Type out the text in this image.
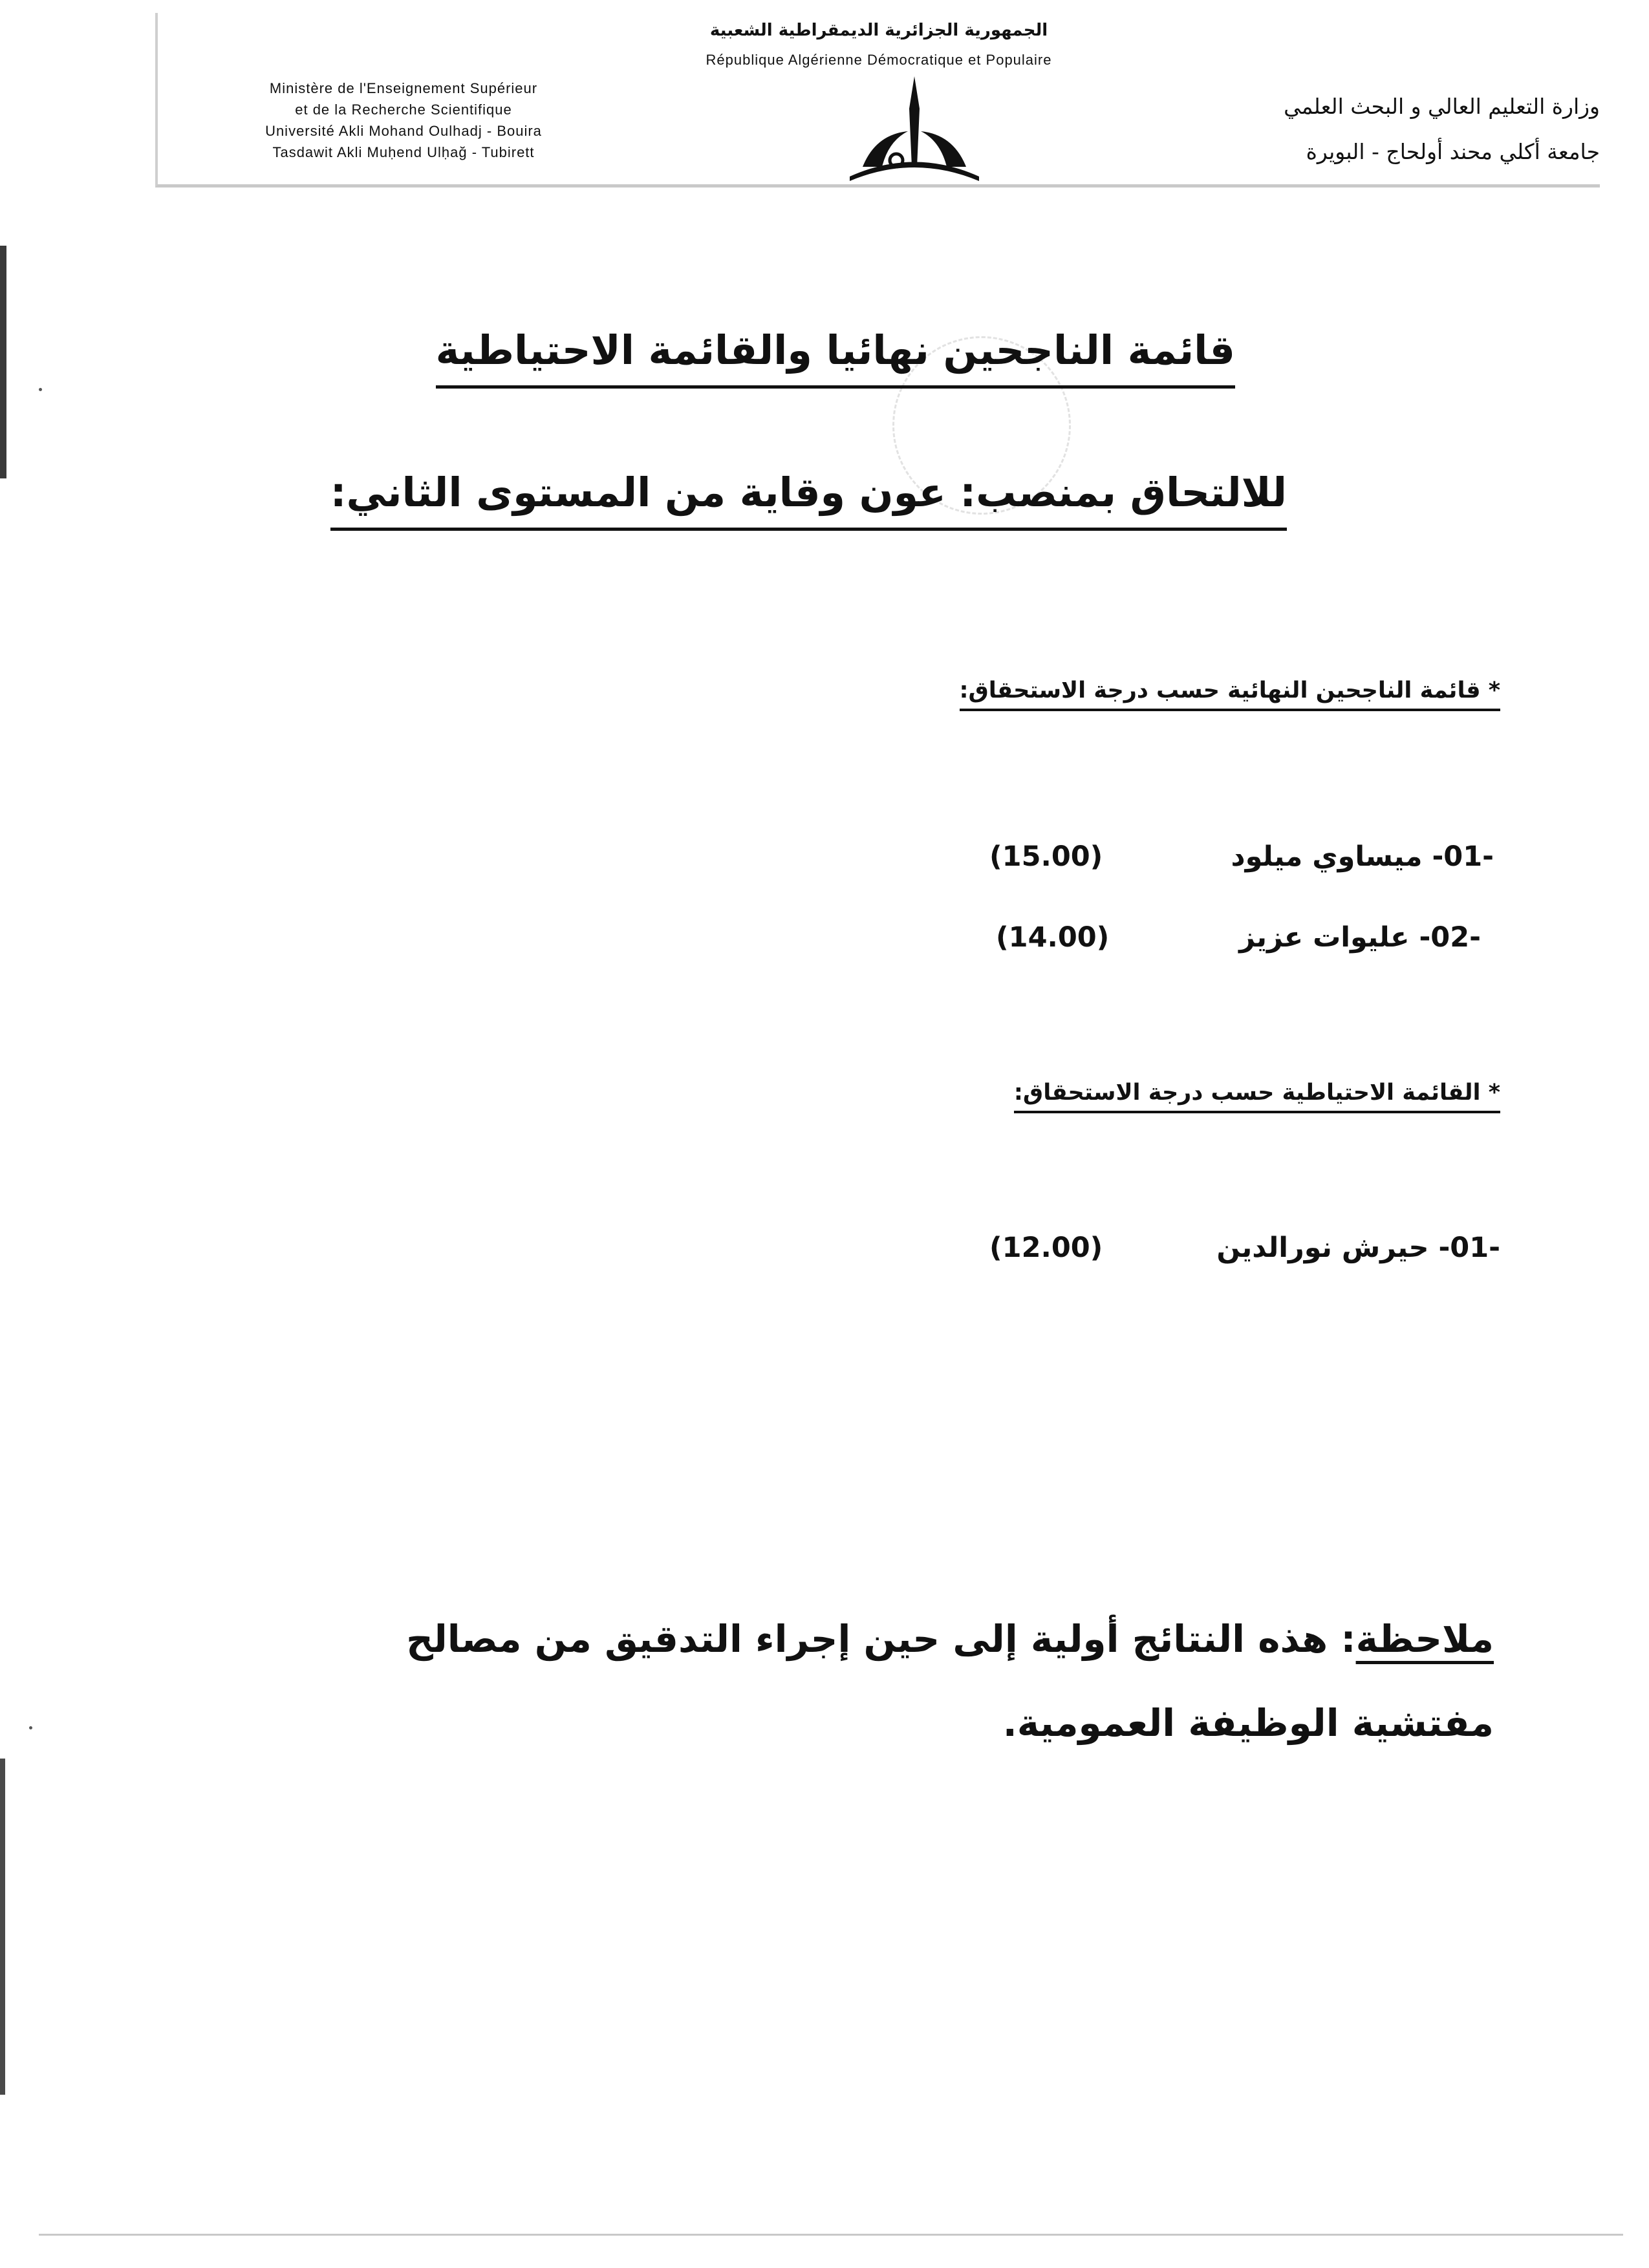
الجمهورية الجزائرية الديمقراطية الشعبية
République Algérienne Démocratique et Populaire
Ministère de l'Enseignement Supérieur
et de la Recherche Scientifique
Université Akli Mohand Oulhadj - Bouira
Tasdawit Akli Muḥend Ulḥağ - Tubirett
وزارة التعليم العالي و البحث العلمي
جامعة أكلي محند أولحاج - البويرة
قائمة الناجحين نهائيا والقائمة الاحتياطية
للالتحاق بمنصب: عون وقاية من المستوى الثاني:
* قائمة الناجحين النهائية حسب درجة الاستحقاق:
-01- ميساوي ميلود
(15.00)
-02- عليوات عزيز
(14.00)
* القائمة الاحتياطية حسب درجة الاستحقاق:
-01- حيرش نورالدين
(12.00)
ملاحظة: هذه النتائج أولية إلى حين إجراء التدقيق من مصالح مفتشية الوظيفة العمومية.
